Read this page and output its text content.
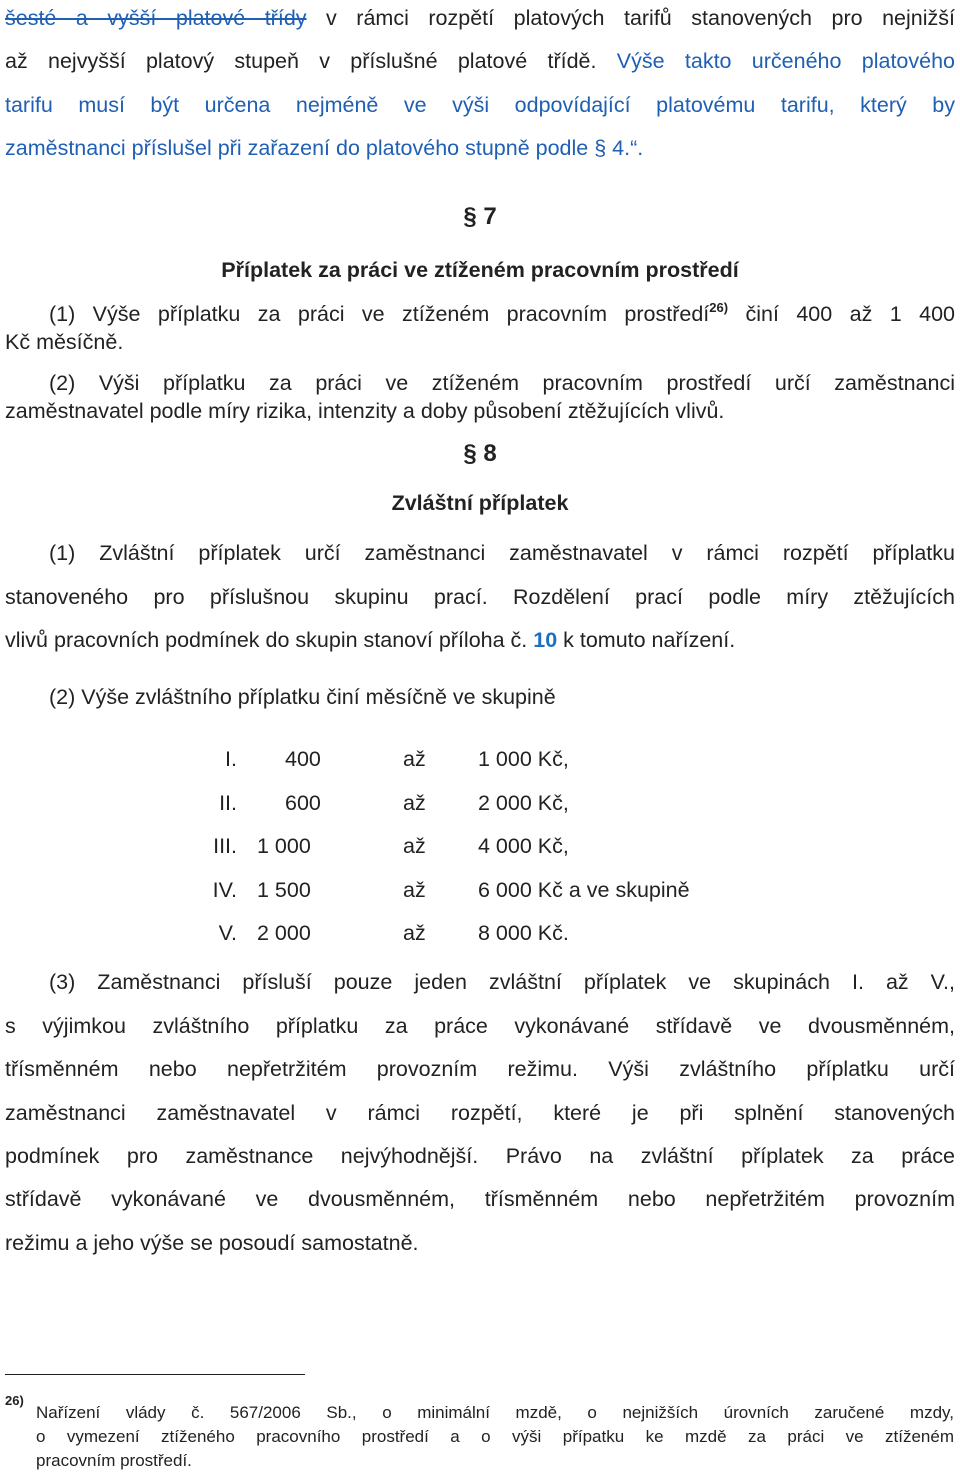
šesté a vyšší platové třídy v rámci rozpětí platových tarifů stanovených pro nejnižší
až nejvyšší platový stupeň v příslušné platové třídě. Výše takto určeného platového
tarifu musí být určena nejméně ve výši odpovídající platovému tarifu, který by
zaměstnanci příslušel při zařazení do platového stupně podle § 4.“.
§ 7
Příplatek za práci ve ztíženém pracovním prostředí
(1) Výše příplatku za práci ve ztíženém pracovním prostředí$^{26)}$ činí 400 až 1 400
Kč měsíčně.
(2) Výši příplatku za práci ve ztíženém pracovním prostředí určí zaměstnanci
zaměstnavatel podle míry rizika, intenzity a doby působení ztěžujících vlivů.
§ 8
Zvláštní příplatek
(1) Zvláštní příplatek určí zaměstnanci zaměstnavatel v rámci rozpětí příplatku
stanoveného pro příslušnou skupinu prací. Rozdělení prací podle míry ztěžujících
vlivů pracovních podmínek do skupin stanoví příloha č. 10 k tomuto nařízení.
(2) Výše zvláštního příplatku činí měsíčně ve skupině
I.	400	až	1 000 Kč,
II.	600	až	2 000 Kč,
III.	1 000	až	4 000 Kč,
IV.	1 500	až	6 000 Kč a ve skupině
V.	2 000	až	8 000 Kč.
(3) Zaměstnanci přísluší pouze jeden zvláštní příplatek ve skupinách I. až V.,
s výjimkou zvláštního příplatku za práce vykonávané střídavě ve dvousměnném,
třísměnném nebo nepřetržitém provozním režimu. Výši zvláštního příplatku určí
zaměstnanci zaměstnavatel v rámci rozpětí, které je při splnění stanovených
podmínek pro zaměstnance nejvýhodnější. Právo na zvláštní příplatek za práce
střídavě vykonávané ve dvousměnném, třísměnném nebo nepřetržitém provozním
režimu a jeho výše se posoudí samostatně.
26)
Nařízení vlády č. 567/2006 Sb., o minimální mzdě, o nejnižších úrovních zaručené mzdy,
o vymezení ztíženého pracovního prostředí a o výši přípatku ke mzdě za práci ve ztíženém
pracovním prostředí.
